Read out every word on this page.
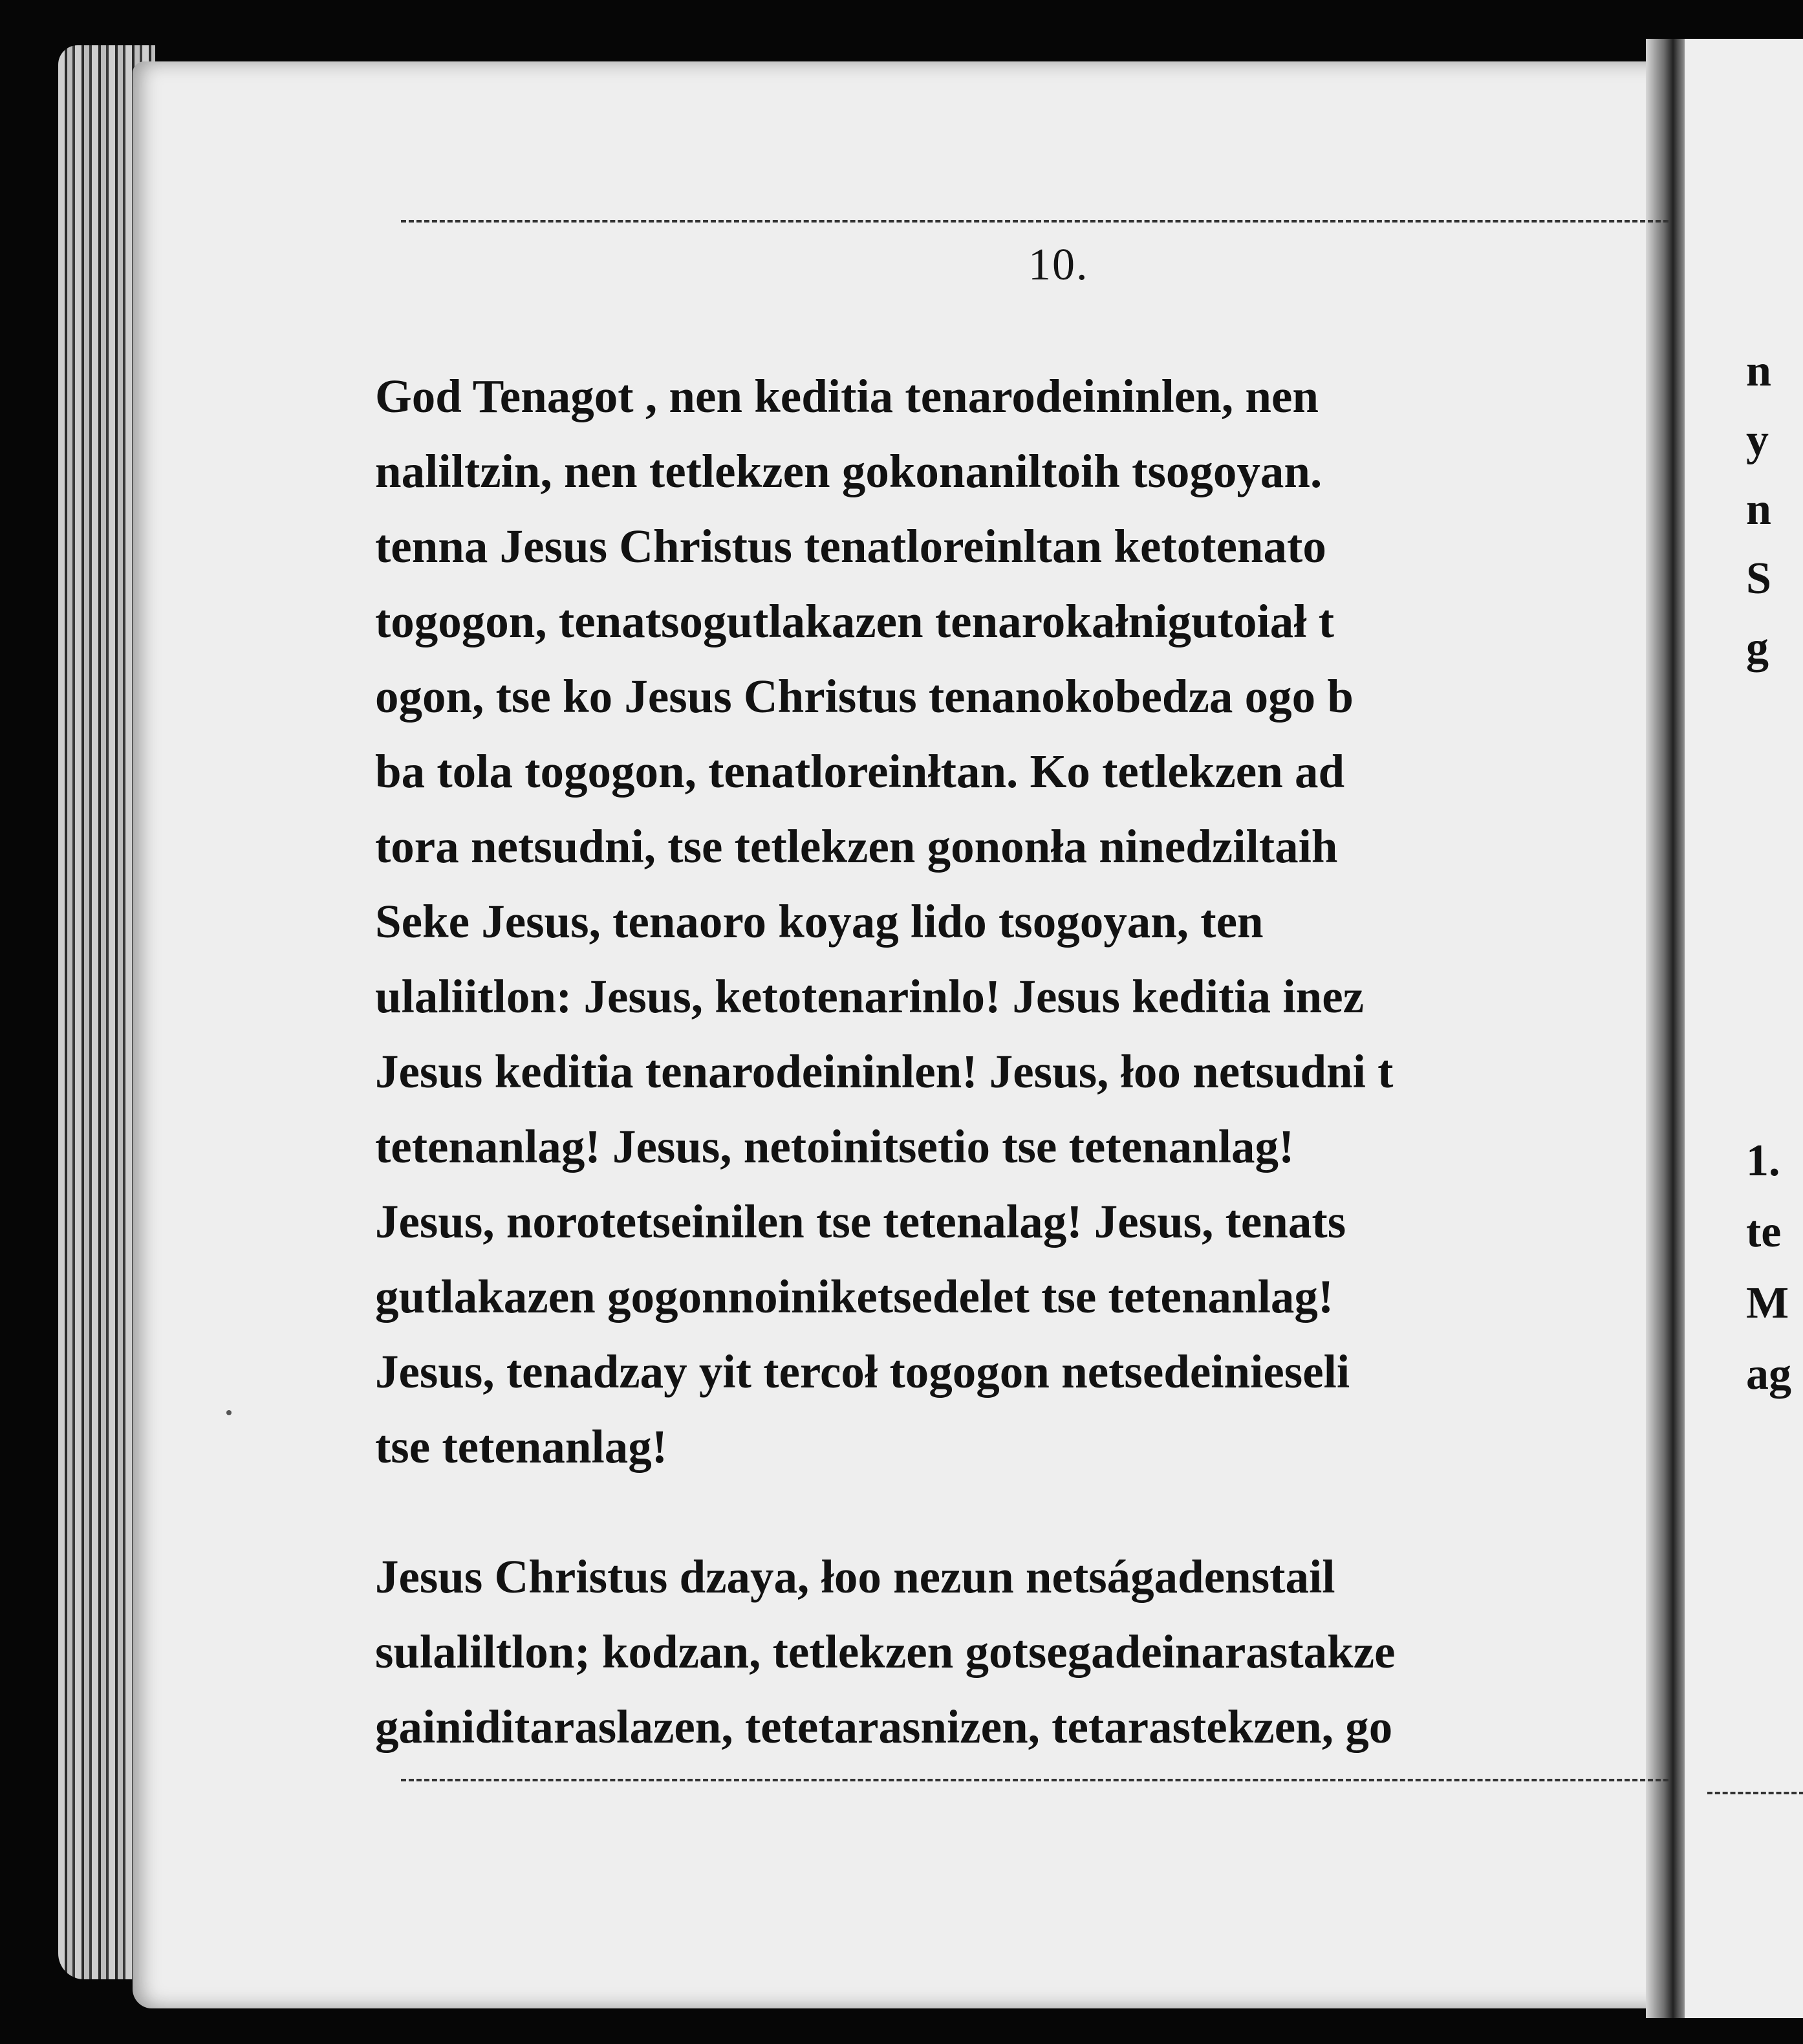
10.
God Tenagot , nen keditia tenarodeininlen, nen
naliltzin, nen tetlekzen gokonaniltoih tsogoyan.
tenna Jesus Christus tenatloreinltan ketotenato
togogon, tenatsogutlakazen tenarokałnigutoiał t
ogon, tse ko Jesus Christus tenanokobedza ogo b
ba tola togogon, tenatloreinłtan. Ko tetlekzen ad
tora netsudni, tse tetlekzen gononła ninedziltaih
Seke Jesus, tenaoro koyag lido tsogoyan, ten
ulaliitlon: Jesus, ketotenarinlo! Jesus keditia inez
Jesus keditia tenarodeininlen! Jesus, łoo netsudni t
tetenanlag! Jesus, netoinitsetio tse tetenanlag!
Jesus, norotetseinilen tse tetenalag! Jesus, tenats
gutlakazen gogonnoiniketsedelet tse tetenanlag!
Jesus, tenadzay yit tercoł togogon netsedeinieseli
tse tetenanlag!
Jesus Christus dzaya, łoo nezun netságadenstail
sulaliltlon; kodzan, tetlekzen gotsegadeinarastakze
gainiditaraslazen, tetetarasnizen, tetarastekzen, go
n
y
n
S
g
1.
te
M
ag
